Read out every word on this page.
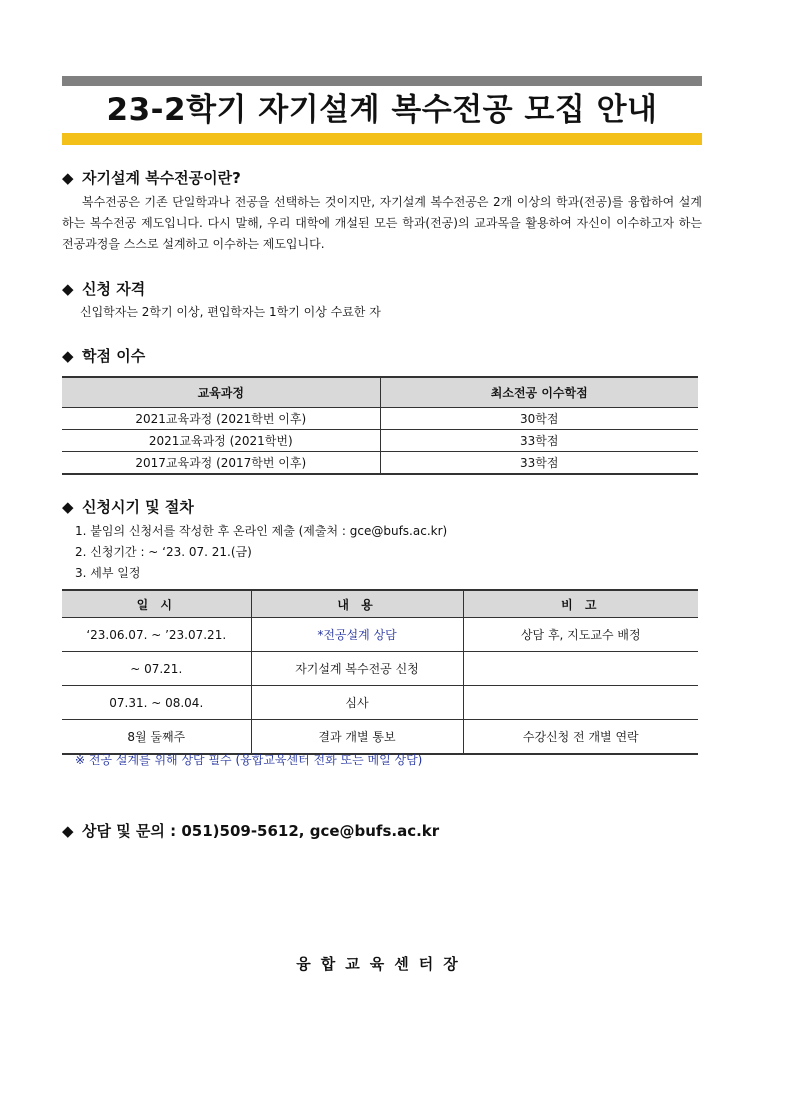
23-2학기 자기설계 복수전공 모집 안내
◆ 자기설계 복수전공이란?
복수전공은 기존 단일학과나 전공을 선택하는 것이지만, 자기설계 복수전공은 2개 이상의 학과(전공)를 융합하여 설계하는 복수전공 제도입니다. 다시 말해, 우리 대학에 개설된 모든 학과(전공)의 교과목을 활용하여 자신이 이수하고자 하는 전공과정을 스스로 설계하고 이수하는 제도입니다.
◆ 신청 자격
신입학자는 2학기 이상, 편입학자는 1학기 이상 수료한 자
◆ 학점 이수
교육과정	최소전공 이수학점
2021교육과정 (2021학번 이후)	30학점
2021교육과정 (2021학번)	33학점
2017교육과정 (2017학번 이후)	33학점
◆ 신청시기 및 절차
1. 붙임의 신청서를 작성한 후 온라인 제출 (제출처 : gce@bufs.ac.kr)
2. 신청기간 : ~ ‘23. 07. 21.(금)
3. 세부 일정
일 시	내 용	비 고
‘23.06.07. ~ ’23.07.21.	*전공설계 상담	상담 후, 지도교수 배정
~ 07.21.	자기설계 복수전공 신청	
07.31. ~ 08.04.	심사	
8월 둘째주	결과 개별 통보	수강신청 전 개별 연락
※ 전공 설계를 위해 상담 필수 (융합교육센터 전화 또는 메일 상담)
◆ 상담 및 문의 : 051)509-5612, gce@bufs.ac.kr
융합교육센터장
